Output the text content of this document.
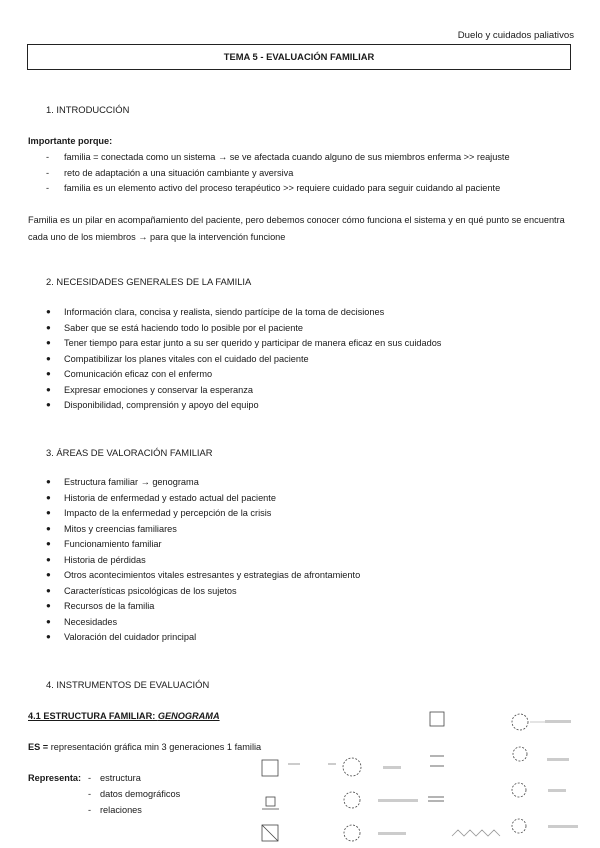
Duelo y cuidados paliativos
TEMA 5 - EVALUACIÓN FAMILIAR
1. INTRODUCCIÓN
Importante porque:
- familia = conectada como un sistema → se ve afectada cuando alguno de sus miembros enferma >> reajuste
- reto de adaptación a una situación cambiante y aversiva
- familia es un elemento activo del proceso terapéutico >> requiere cuidado para seguir cuidando al paciente
Familia es un pilar en acompañamiento del paciente, pero debemos conocer cómo funciona el sistema y en qué punto se encuentra cada uno de los miembros → para que la intervención funcione
2. NECESIDADES GENERALES DE LA FAMILIA
● Información clara, concisa y realista, siendo partícipe de la toma de decisiones
● Saber que se está haciendo todo lo posible por el paciente
● Tener tiempo para estar junto a su ser querido y participar de manera eficaz en sus cuidados
● Compatibilizar los planes vitales con el cuidado del paciente
● Comunicación eficaz con el enfermo
● Expresar emociones y conservar la esperanza
● Disponibilidad, comprensión y apoyo del equipo
3. ÁREAS DE VALORACIÓN FAMILIAR
● Estructura familiar → genograma
● Historia de enfermedad y estado actual del paciente
● Impacto de la enfermedad y percepción de la crisis
● Mitos y creencias familiares
● Funcionamiento familiar
● Historia de pérdidas
● Otros acontecimientos vitales estresantes y estrategias de afrontamiento
● Características psicológicas de los sujetos
● Recursos de la familia
● Necesidades
● Valoración del cuidador principal
4. INSTRUMENTOS DE EVALUACIÓN
4.1 ESTRUCTURA FAMILIAR: GENOGRAMA
ES = representación gráfica min 3 generaciones 1 familia
Representa: - estructura
- datos demográficos
- relaciones
